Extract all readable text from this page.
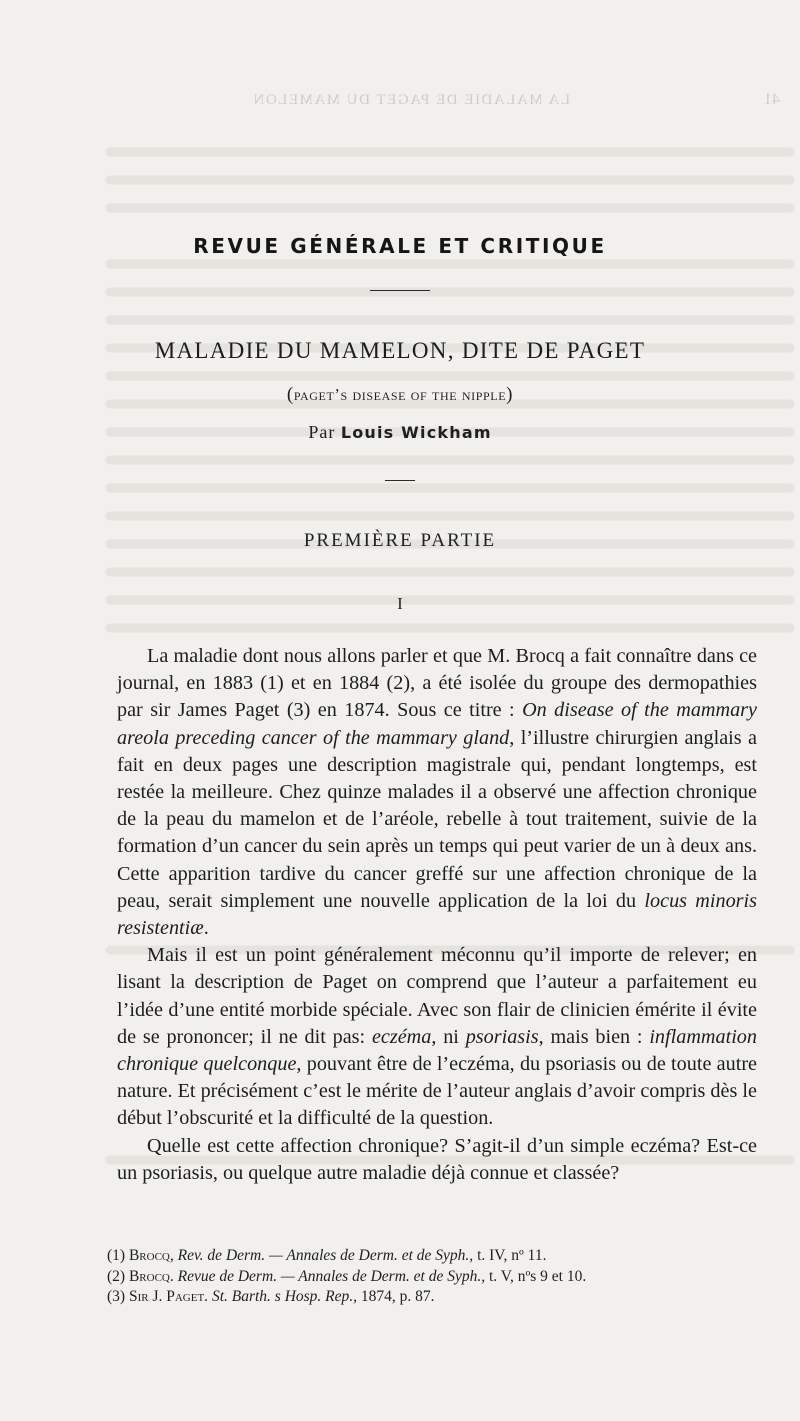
LA MALADIE DE PAGET DU MAMELON	41
REVUE GÉNÉRALE ET CRITIQUE
MALADIE DU MAMELON, DITE DE PAGET
(paget’s disease of the nipple)
Par Louis Wickham
PREMIÈRE PARTIE
I

La maladie dont nous allons parler et que M. Brocq a fait connaître dans ce journal, en 1883 (1) et en 1884 (2), a été isolée du groupe des dermopathies par sir James Paget (3) en 1874. Sous ce titre : On disease of the mammary areola preceding cancer of the mammary gland, l’illustre chirurgien anglais a fait en deux pages une description magistrale qui, pendant longtemps, est restée la meilleure. Chez quinze malades il a observé une affection chronique de la peau du mamelon et de l’aréole, rebelle à tout traitement, suivie de la formation d’un cancer du sein après un temps qui peut varier de un à deux ans. Cette apparition tardive du cancer greffé sur une affection chronique de la peau, serait simplement une nouvelle application de la loi du locus minoris resistentiæ.

Mais il est un point généralement méconnu qu’il importe de relever; en lisant la description de Paget on comprend que l’auteur a parfaitement eu l’idée d’une entité morbide spéciale. Avec son flair de clinicien émérite il évite de se prononcer; il ne dit pas: eczéma, ni psoriasis, mais bien : inflammation chronique quelconque, pouvant être de l’eczéma, du psoriasis ou de toute autre nature. Et précisément c’est le mérite de l’auteur anglais d’avoir compris dès le début l’obscurité et la difficulté de la question.

Quelle est cette affection chronique? S’agit-il d’un simple eczéma? Est-ce un psoriasis, ou quelque autre maladie déjà connue et classée?

(1) Brocq, Rev. de Derm. — Annales de Derm. et de Syph., t. IV, nº 11.
(2) Brocq. Revue de Derm. — Annales de Derm. et de Syph., t. V, nºs 9 et 10.
(3) Sir J. Paget. St. Barth. s Hosp. Rep., 1874, p. 87.
